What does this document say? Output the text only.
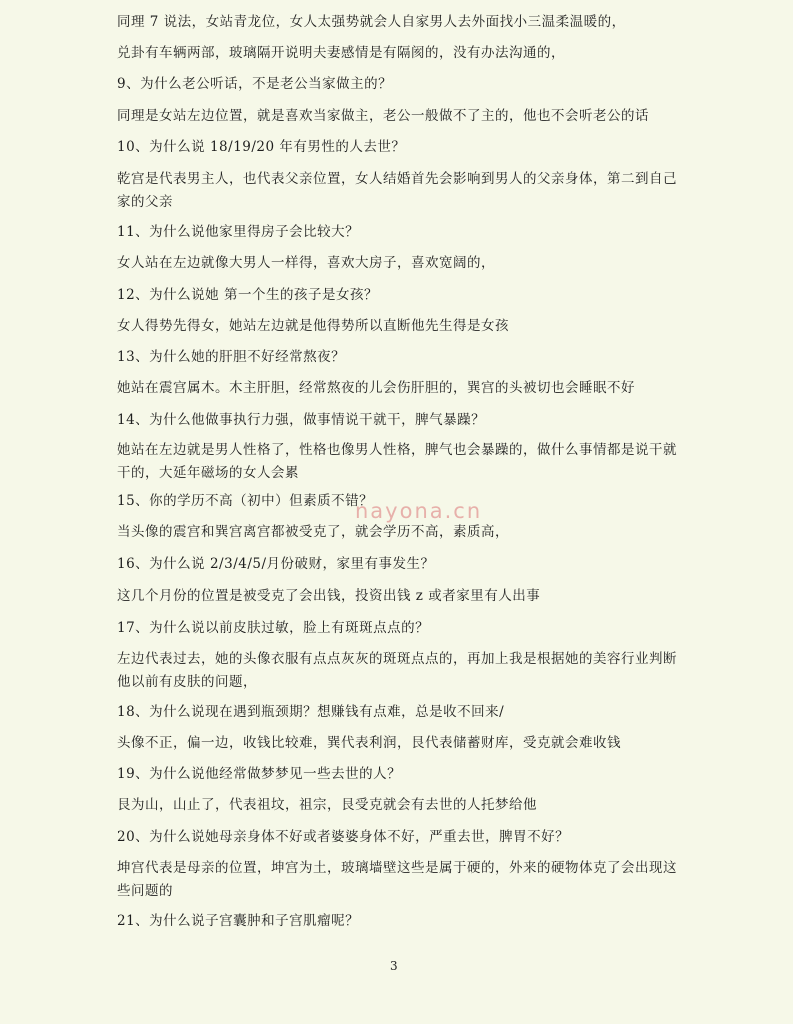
同理 7 说法，女站青龙位，女人太强势就会人自家男人去外面找小三温柔温暖的，

兑卦有车辆两部，玻璃隔开说明夫妻感情是有隔阂的，没有办法沟通的，

9、为什么老公听话，不是老公当家做主的？

同理是女站左边位置，就是喜欢当家做主，老公一般做不了主的，他也不会听老公的话

10、为什么说 18/19/20 年有男性的人去世？

乾宫是代表男主人，也代表父亲位置，女人结婚首先会影响到男人的父亲身体，第二到自己家的父亲

11、为什么说他家里得房子会比较大？

女人站在左边就像大男人一样得，喜欢大房子，喜欢宽阔的，

12、为什么说她 第一个生的孩子是女孩？

女人得势先得女，她站左边就是他得势所以直断他先生得是女孩

13、为什么她的肝胆不好经常熬夜？

她站在震宫属木。木主肝胆，经常熬夜的儿会伤肝胆的，巽宫的头被切也会睡眠不好

14、为什么他做事执行力强，做事情说干就干，脾气暴躁？

她站在左边就是男人性格了，性格也像男人性格，脾气也会暴躁的，做什么事情都是说干就干的，大延年磁场的女人会累

15、你的学历不高（初中）但素质不错？

当头像的震宫和巽宫离宫都被受克了，就会学历不高，素质高，

16、为什么说 2/3/4/5/月份破财，家里有事发生？

这几个月份的位置是被受克了会出钱，投资出钱 z 或者家里有人出事

17、为什么说以前皮肤过敏，脸上有斑斑点点的？

左边代表过去，她的头像衣服有点点灰灰的斑斑点点的，再加上我是根据她的美容行业判断他以前有皮肤的问题，

18、为什么说现在遇到瓶颈期？想赚钱有点难，总是收不回来/

头像不正，偏一边，收钱比较难，巽代表利润，艮代表储蓄财库，受克就会难收钱

19、为什么说他经常做梦梦见一些去世的人？

艮为山，山止了，代表祖坟，祖宗，艮受克就会有去世的人托梦给他

20、为什么说她母亲身体不好或者婆婆身体不好，严重去世，脾胃不好？

坤宫代表是母亲的位置，坤宫为土，玻璃墙壁这些是属于硬的，外来的硬物体克了会出现这些问题的

21、为什么说子宫囊肿和子宫肌瘤呢？

nayona.cn
3
